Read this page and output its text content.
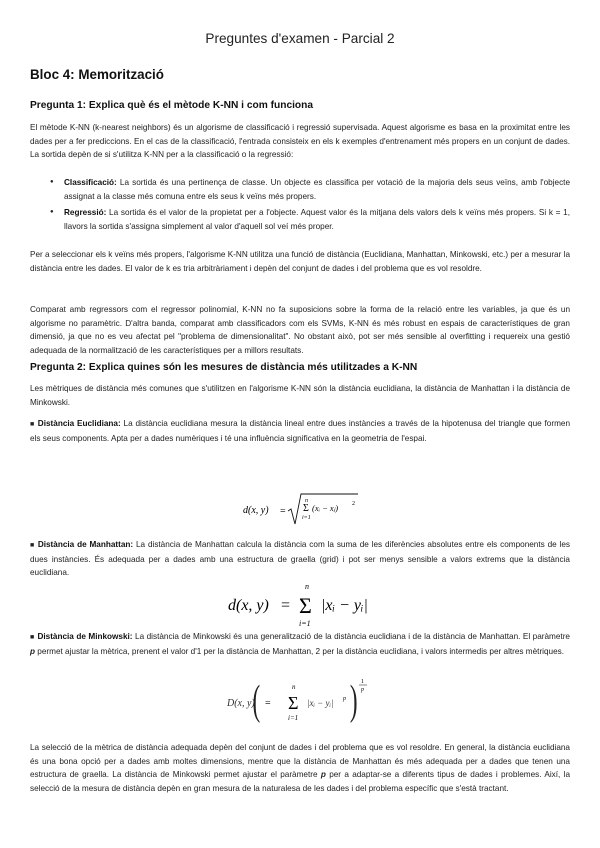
Preguntes d'examen - Parcial 2
Bloc 4: Memorització
Pregunta 1: Explica què és el mètode K-NN i com funciona
El mètode K-NN (k-nearest neighbors) és un algorisme de classificació i regressió supervisada. Aquest algorisme es basa en la proximitat entre les dades per a fer prediccions. En el cas de la classificació, l'entrada consisteix en els k exemples d'entrenament més propers en un conjunt de dades. La sortida depèn de si s'utilitza K-NN per a la classificació o la regressió:
● Classificació: La sortida és una pertinença de classe. Un objecte es classifica per votació de la majoria dels seus veïns, amb l'objecte assignat a la classe més comuna entre els seus k veïns més propers.
● Regressió: La sortida és el valor de la propietat per a l'objecte. Aquest valor és la mitjana dels valors dels k veïns més propers. Si k = 1, llavors la sortida s'assigna simplement al valor d'aquell sol veí més proper.
Per a seleccionar els k veïns més propers, l'algorisme K-NN utilitza una funció de distància (Euclidiana, Manhattan, Minkowski, etc.) per a mesurar la distància entre les dades. El valor de k es tria arbitràriament i depèn del conjunt de dades i del problema que es vol resoldre.
Comparat amb regressors com el regressor polinomial, K-NN no fa suposicions sobre la forma de la relació entre les variables, ja que és un algorisme no paramètric. D'altra banda, comparat amb classificadors com els SVMs, K-NN és més robust en espais de característiques de gran dimensió, ja que no es veu afectat pel "problema de dimensionalitat". No obstant això, pot ser més sensible al overfitting i requereix una gestió adequada de la normalització de les característiques per a millors resultats.
Pregunta 2: Explica quines són les mesures de distància més utilitzades a K-NN
Les mètriques de distància més comunes que s'utilitzen en l'algorisme K-NN són la distància euclidiana, la distància de Manhattan i la distància de Minkowski.
■ Distància Euclidiana: La distància euclidiana mesura la distància lineal entre dues instàncies a través de la hipotenusa del triangle que formen els seus components. Apta per a dades numèriques i té una influència significativa en la geometria de l'espai.
d(x, y) =
n
Σ
i=1
(xᵢ − xⱼ) 2
■ Distància de Manhattan: La distància de Manhattan calcula la distància com la suma de les diferències absolutes entre els components de les dues instàncies. És adequada per a dades amb una estructura de graella (grid) i pot ser menys sensible a valors extrems que la distància euclidiana.
d(x, y) =
n
Σ
i=1
|xᵢ − yᵢ|
■ Distància de Minkowski: La distància de Minkowski és una generalització de la distància euclidiana i de la distància de Manhattan. El paràmetre p permet ajustar la mètrica, prenent el valor d'1 per la distància de Manhattan, 2 per la distància euclidiana, i valors intermedis per altres mètriques.
D(x, y) =
(	n
Σ
i=1
|xᵢ − yᵢ| p ) 1
p
La selecció de la mètrica de distància adequada depèn del conjunt de dades i del problema que es vol resoldre. En general, la distància euclidiana és una bona opció per a dades amb moltes dimensions, mentre que la distància de Manhattan és més adequada per a dades que tenen una estructura de graella. La distància de Minkowski permet ajustar el paràmetre p per a adaptar-se a diferents tipus de dades i problemes. Així, la selecció de la mesura de distància depèn en gran mesura de la naturalesa de les dades i del problema específic que s'està tractant.
